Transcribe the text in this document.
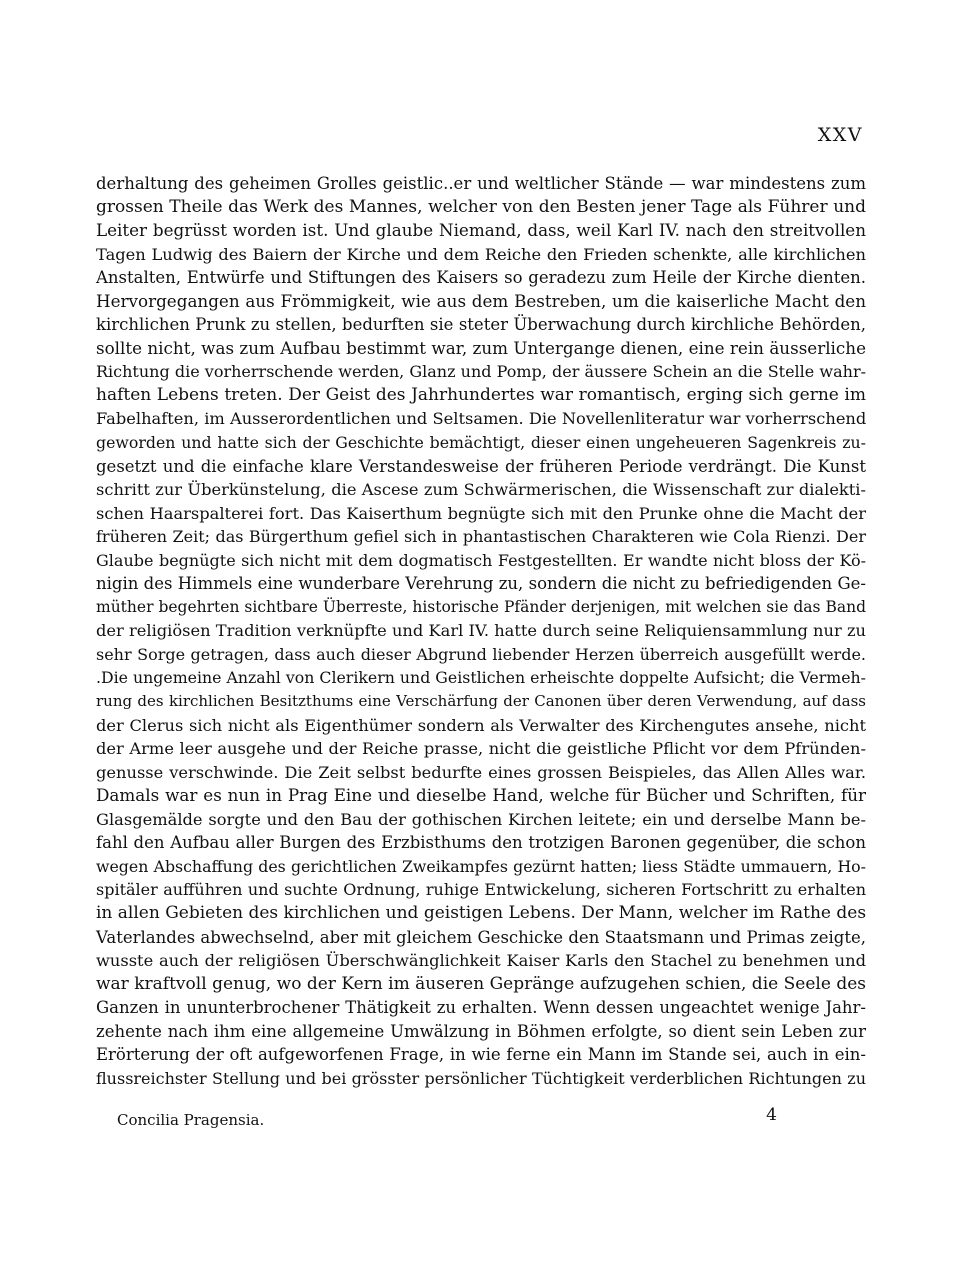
XXV
derhaltung des geheimen Grolles geistlic..er und weltlicher Stände — war mindestens zum
grossen Theile das Werk des Mannes, welcher von den Besten jener Tage als Führer und
Leiter begrüsst worden ist. Und glaube Niemand, dass, weil Karl IV. nach den streitvollen
Tagen Ludwig des Baiern der Kirche und dem Reiche den Frieden schenkte, alle kirchlichen
Anstalten, Entwürfe und Stiftungen des Kaisers so geradezu zum Heile der Kirche dienten.
Hervorgegangen aus Frömmigkeit, wie aus dem Bestreben, um die kaiserliche Macht den
kirchlichen Prunk zu stellen, bedurften sie steter Überwachung durch kirchliche Behörden,
sollte nicht, was zum Aufbau bestimmt war, zum Untergange dienen, eine rein äusserliche
Richtung die vorherrschende werden, Glanz und Pomp, der äussere Schein an die Stelle wahr-
haften Lebens treten. Der Geist des Jahrhundertes war romantisch, erging sich gerne im
Fabelhaften, im Ausserordentlichen und Seltsamen. Die Novellenliteratur war vorherrschend
geworden und hatte sich der Geschichte bemächtigt, dieser einen ungeheueren Sagenkreis zu-
gesetzt und die einfache klare Verstandesweise der früheren Periode verdrängt. Die Kunst
schritt zur Überkünstelung, die Ascese zum Schwärmerischen, die Wissenschaft zur dialekti-
schen Haarspalterei fort. Das Kaiserthum begnügte sich mit den Prunke ohne die Macht der
früheren Zeit; das Bürgerthum gefiel sich in phantastischen Charakteren wie Cola Rienzi. Der
Glaube begnügte sich nicht mit dem dogmatisch Festgestellten. Er wandte nicht bloss der Kö-
nigin des Himmels eine wunderbare Verehrung zu, sondern die nicht zu befriedigenden Ge-
müther begehrten sichtbare Überreste, historische Pfänder derjenigen, mit welchen sie das Band
der religiösen Tradition verknüpfte und Karl IV. hatte durch seine Reliquiensammlung nur zu
sehr Sorge getragen, dass auch dieser Abgrund liebender Herzen überreich ausgefüllt werde.
.Die ungemeine Anzahl von Clerikern und Geistlichen erheischte doppelte Aufsicht; die Vermeh-
rung des kirchlichen Besitzthums eine Verschärfung der Canonen über deren Verwendung, auf dass
der Clerus sich nicht als Eigenthümer sondern als Verwalter des Kirchengutes ansehe, nicht
der Arme leer ausgehe und der Reiche prasse, nicht die geistliche Pflicht vor dem Pfründen-
genusse verschwinde. Die Zeit selbst bedurfte eines grossen Beispieles, das Allen Alles war.
Damals war es nun in Prag Eine und dieselbe Hand, welche für Bücher und Schriften, für
Glasgemälde sorgte und den Bau der gothischen Kirchen leitete; ein und derselbe Mann be-
fahl den Aufbau aller Burgen des Erzbisthums den trotzigen Baronen gegenüber, die schon
wegen Abschaffung des gerichtlichen Zweikampfes gezürnt hatten; liess Städte ummauern, Ho-
spitäler aufführen und suchte Ordnung, ruhige Entwickelung, sicheren Fortschritt zu erhalten
in allen Gebieten des kirchlichen und geistigen Lebens. Der Mann, welcher im Rathe des
Vaterlandes abwechselnd, aber mit gleichem Geschicke den Staatsmann und Primas zeigte,
wusste auch der religiösen Überschwänglichkeit Kaiser Karls den Stachel zu benehmen und
war kraftvoll genug, wo der Kern im äuseren Gepränge aufzugehen schien, die Seele des
Ganzen in ununterbrochener Thätigkeit zu erhalten. Wenn dessen ungeachtet wenige Jahr-
zehente nach ihm eine allgemeine Umwälzung in Böhmen erfolgte, so dient sein Leben zur
Erörterung der oft aufgeworfenen Frage, in wie ferne ein Mann im Stande sei, auch in ein-
flussreichster Stellung und bei grösster persönlicher Tüchtigkeit verderblichen Richtungen zu
Concilia Pragensia.	4
